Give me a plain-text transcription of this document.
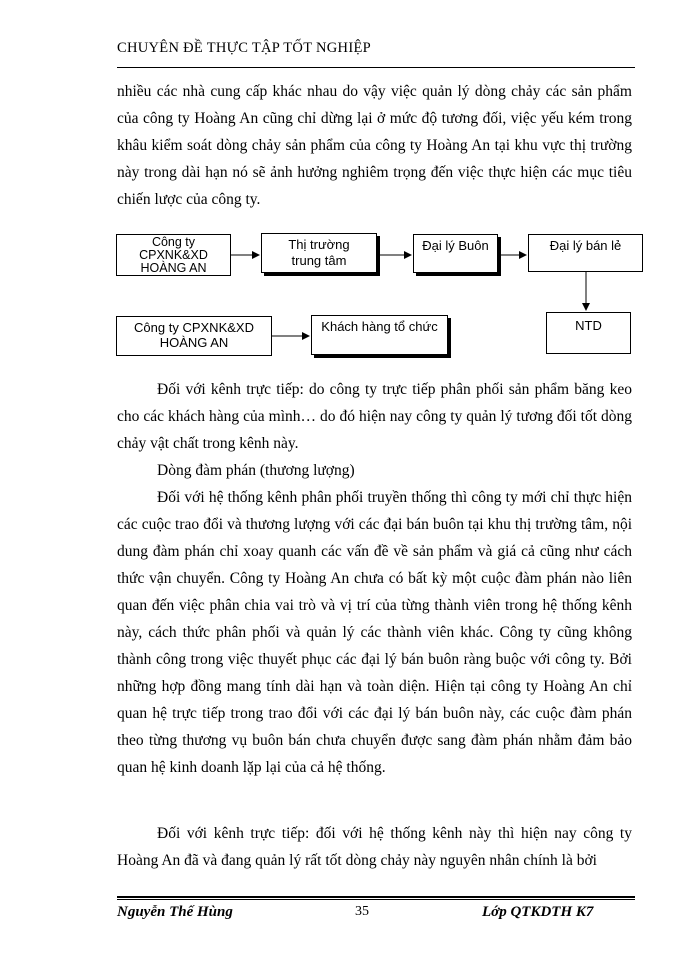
CHUYÊN ĐỀ THỰC TẬP TỐT NGHIỆP

nhiều các nhà cung cấp khác nhau do vậy việc quản lý dòng chảy các sản phẩm của công ty Hoàng An cũng chỉ dừng lại ở mức độ tương đối, việc yếu kém trong khâu kiểm soát dòng chảy sản phẩm của công ty Hoàng An tại khu vực thị trường này trong dài hạn nó sẽ ảnh hưởng nghiêm trọng đến việc thực hiện các mục tiêu chiến lược của công ty.

Công ty
CPXNK&XD
HOÀNG AN
Thị trường
trung tâm
Đại lý Buôn	Đại lý bán lẻ
Công ty CPXNK&XD
HOÀNG AN
Khách hàng tổ chức	NTD

Đối với kênh trực tiếp: do công ty trực tiếp phân phối sản phẩm băng keo cho các khách hàng của mình… do đó hiện nay công ty quản lý tương đối tốt dòng chảy vật chất trong kênh này.

Dòng đàm phán (thương lượng)

Đối với hệ thống kênh phân phối truyền thống thì công ty mới chỉ thực hiện các cuộc trao đổi và thương lượng với các đại bán buôn tại khu thị trường tâm, nội dung đàm phán chỉ xoay quanh các vấn đề về sản phẩm và giá cả cũng như cách thức vận chuyển. Công ty Hoàng An chưa có bất kỳ một cuộc đàm phán nào liên quan đến việc phân chia vai trò và vị trí của từng thành viên trong hệ thống kênh này, cách thức phân phối và quản lý các thành viên khác. Công ty cũng không thành công trong việc thuyết phục các đại lý bán buôn ràng buộc với công ty. Bởi những hợp đồng mang tính dài hạn và toàn diện. Hiện tại công ty Hoàng An chỉ quan hệ trực tiếp trong trao đổi với các đại lý bán buôn này, các cuộc đàm phán theo từng thương vụ buôn bán chưa chuyển được sang đàm phán nhằm đảm bảo quan hệ kinh doanh lặp lại của cả hệ thống.

Đối với kênh trực tiếp: đối với hệ thống kênh này thì hiện nay công ty Hoàng An đã và đang quản lý rất tốt dòng chảy này nguyên nhân chính là bởi

Nguyễn Thế Hùng	35	Lớp QTKDTH K7
